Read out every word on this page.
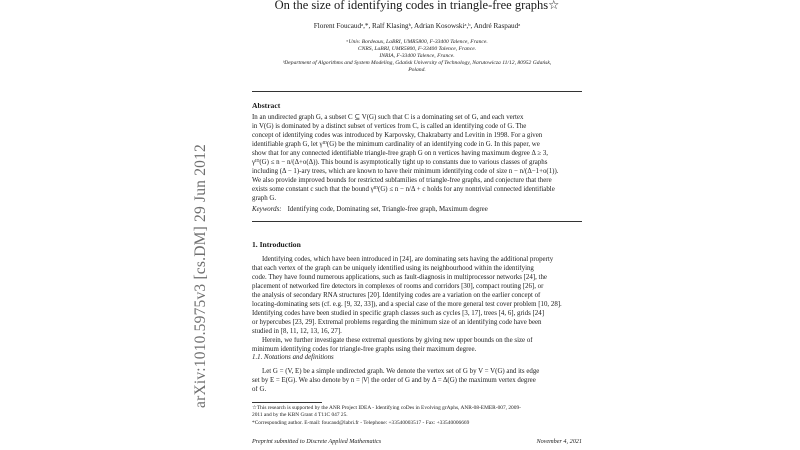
arXiv:1010.5975v3 [cs.DM] 29 Jun 2012
On the size of identifying codes in triangle-free graphs☆
Florent Foucaudᵃ,*, Ralf Klasingᵇ, Adrian Kosowskiᵃ,ᵇ, André Raspaudᵃ
ᵃUniv. Bordeaux, LaBRI, UMR5800, F-33400 Talence, France.
CNRS, LaBRI, UMR5800, F-33400 Talence, France.
INRIA, F-33400 Talence, France.
ᵇDepartment of Algorithms and System Modeling, Gdańsk University of Technology, Narutowicza 11/12, 80952 Gdańsk,
Poland.
Abstract
In an undirected graph G, a subset C ⊆ V(G) such that C is a dominating set of G, and each vertex
in V(G) is dominated by a distinct subset of vertices from C, is called an identifying code of G. The
concept of identifying codes was introduced by Karpovsky, Chakrabarty and Levitin in 1998. For a given
identifiable graph G, let γᴵᴰ(G) be the minimum cardinality of an identifying code in G. In this paper, we
show that for any connected identifiable triangle-free graph G on n vertices having maximum degree Δ ≥ 3,
γᴵᴰ(G) ≤ n − n/(Δ+o(Δ)). This bound is asymptotically tight up to constants due to various classes of graphs
including (Δ − 1)-ary trees, which are known to have their minimum identifying code of size n − n/(Δ−1+o(1)).
We also provide improved bounds for restricted subfamilies of triangle-free graphs, and conjecture that there
exists some constant c such that the bound γᴵᴰ(G) ≤ n − n/Δ + c holds for any nontrivial connected identifiable
graph G.
Keywords: Identifying code, Dominating set, Triangle-free graph, Maximum degree
1. Introduction
Identifying codes, which have been introduced in [24], are dominating sets having the additional property
that each vertex of the graph can be uniquely identified using its neighbourhood within the identifying
code. They have found numerous applications, such as fault-diagnosis in multiprocessor networks [24], the
placement of networked fire detectors in complexes of rooms and corridors [30], compact routing [26], or
the analysis of secondary RNA structures [20]. Identifying codes are a variation on the earlier concept of
locating-dominating sets (cf. e.g. [9, 32, 33]), and a special case of the more general test cover problem [10, 28].
Identifying codes have been studied in specific graph classes such as cycles [3, 17], trees [4, 6], grids [24]
or hypercubes [23, 29]. Extremal problems regarding the minimum size of an identifying code have been
studied in [8, 11, 12, 13, 16, 27].
Herein, we further investigate these extremal questions by giving new upper bounds on the size of
minimum identifying codes for triangle-free graphs using their maximum degree.
1.1. Notations and definitions
Let G = (V, E) be a simple undirected graph. We denote the vertex set of G by V = V(G) and its edge
set by E = E(G). We also denote by n = |V| the order of G and by Δ = Δ(G) the maximum vertex degree
of G.
☆This research is supported by the ANR Project IDEA - Identifying coDes in Evolving grAphs, ANR-08-EMER-007, 2009-
2011 and by the KBN Grant 4 T11C 047 25.
*Corresponding author. E-mail: foucaud@labri.fr - Telephone: +33540003517 - Fax: +33540006669
Preprint submitted to Discrete Applied Mathematics	November 4, 2021
